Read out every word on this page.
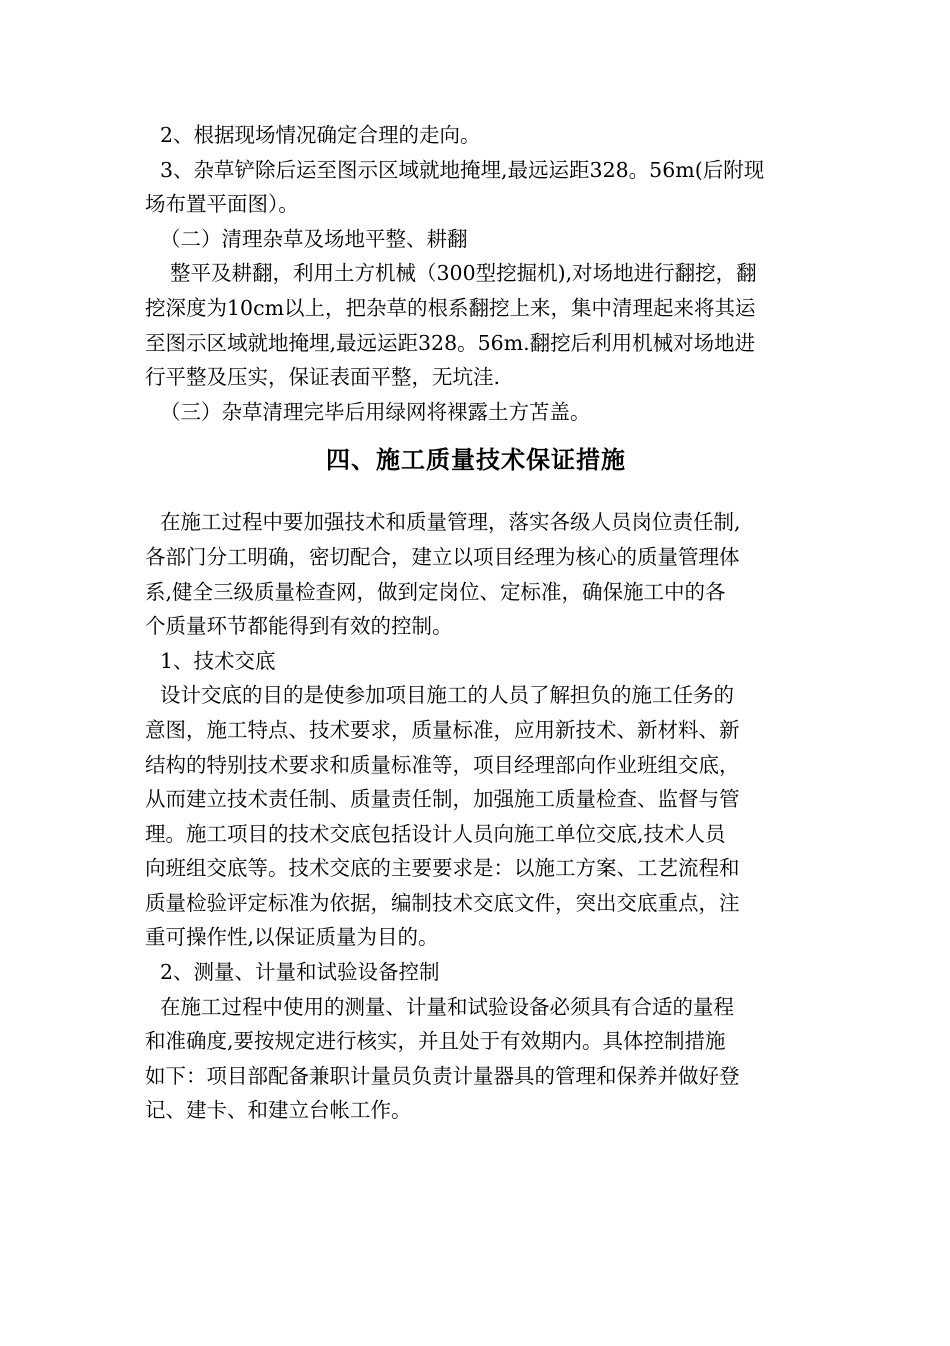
2、根据现场情况确定合理的走向。
3、杂草铲除后运至图示区域就地掩埋,最远运距328。56m(后附现
场布置平面图）。
（二）清理杂草及场地平整、耕翻
整平及耕翻，利用土方机械（300型挖掘机),对场地进行翻挖，翻
挖深度为10cm以上，把杂草的根系翻挖上来，集中清理起来将其运
至图示区域就地掩埋,最远运距328。56m.翻挖后利用机械对场地进
行平整及压实，保证表面平整，无坑洼.
（三）杂草清理完毕后用绿网将裸露土方苫盖。
四、施工质量技术保证措施
在施工过程中要加强技术和质量管理，落实各级人员岗位责任制,
各部门分工明确，密切配合，建立以项目经理为核心的质量管理体
系,健全三级质量检查网，做到定岗位、定标准，确保施工中的各
个质量环节都能得到有效的控制。
1、技术交底
设计交底的目的是使参加项目施工的人员了解担负的施工任务的
意图，施工特点、技术要求，质量标准，应用新技术、新材料、新
结构的特别技术要求和质量标准等，项目经理部向作业班组交底，
从而建立技术责任制、质量责任制，加强施工质量检查、监督与管
理。施工项目的技术交底包括设计人员向施工单位交底,技术人员
向班组交底等。技术交底的主要要求是：以施工方案、工艺流程和
质量检验评定标准为依据，编制技术交底文件，突出交底重点，注
重可操作性,以保证质量为目的。
2、测量、计量和试验设备控制
在施工过程中使用的测量、计量和试验设备必须具有合适的量程
和准确度,要按规定进行核实，并且处于有效期内。具体控制措施
如下：项目部配备兼职计量员负责计量器具的管理和保养并做好登
记、建卡、和建立台帐工作。
